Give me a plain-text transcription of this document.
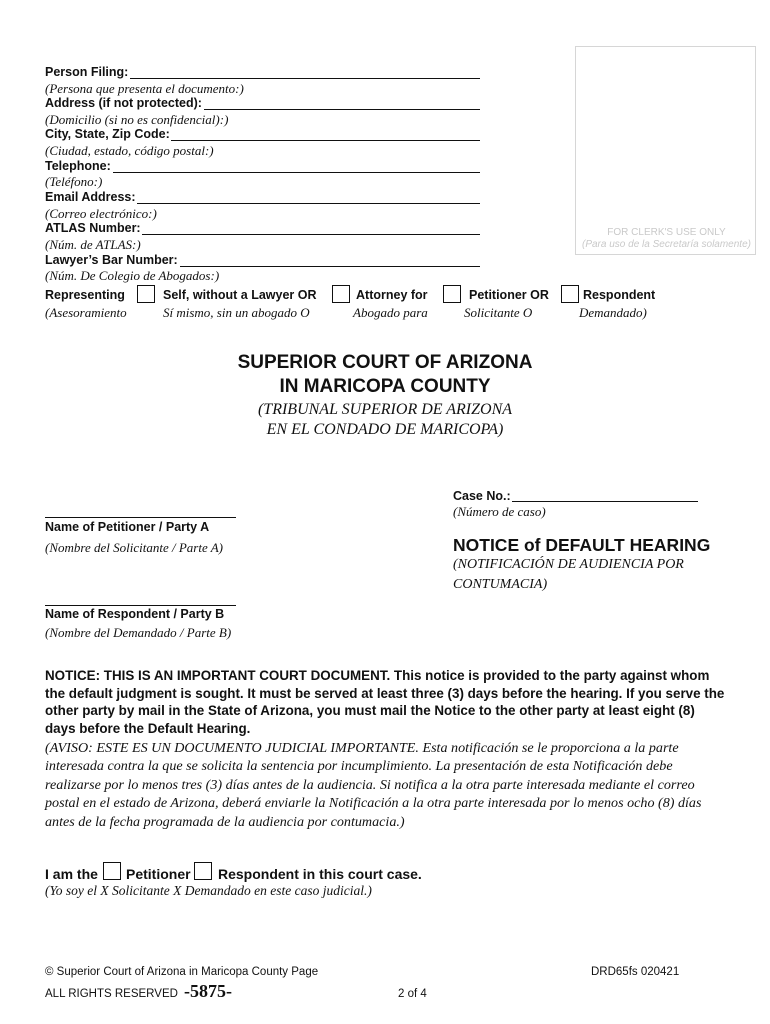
Person Filing:
(Persona que presenta el documento:)
Address (if not protected):
(Domicilio (si no es confidencial):)
City, State, Zip Code:
(Ciudad, estado, código postal:)
Telephone:
(Teléfono:)
Email Address:
(Correo electrónico:)
ATLAS Number:
(Núm. de ATLAS:)
Lawyer’s Bar Number:
(Núm. De Colegio de Abogados:)
Representing	Self, without a Lawyer OR	Attorney for	Petitioner OR	Respondent
(Asesoramiento	Sí mismo, sin un abogado O	Abogado para	Solicitante O	Demandado)
FOR CLERK'S USE ONLY
(Para uso de la Secretaría solamente)
SUPERIOR COURT OF ARIZONA
IN MARICOPA COUNTY
(TRIBUNAL SUPERIOR DE ARIZONA
EN EL CONDADO DE MARICOPA)
Case No.:
(Número de caso)
Name of Petitioner / Party A
(Nombre del Solicitante / Parte A)
Name of Respondent / Party B
(Nombre del Demandado / Parte B)
NOTICE of DEFAULT HEARING
(NOTIFICACIÓN DE AUDIENCIA POR
CONTUMACIA)
NOTICE: THIS IS AN IMPORTANT COURT DOCUMENT. This notice is provided to the party against whom the default judgment is sought. It must be served at least three (3) days before the hearing. If you serve the other party by mail in the State of Arizona, you must mail the Notice to the other party at least eight (8) days before the Default Hearing.
(AVISO: ESTE ES UN DOCUMENTO JUDICIAL IMPORTANTE. Esta notificación se le proporciona a la parte interesada contra la que se solicita la sentencia por incumplimiento. La presentación de esta Notificación debe realizarse por lo menos tres (3) días antes de la audiencia. Si notifica a la otra parte interesada mediante el correo postal en el estado de Arizona, deberá enviarle la Notificación a la otra parte interesada por lo menos ocho (8) días antes de la fecha programada de la audiencia por contumacia.)
I am the Petitioner Respondent in this court case.
(Yo soy el X Solicitante X Demandado en este caso judicial.)
© Superior Court of Arizona in Maricopa County Page	DRD65fs 020421
ALL RIGHTS RESERVED -5875-	2 of 4
